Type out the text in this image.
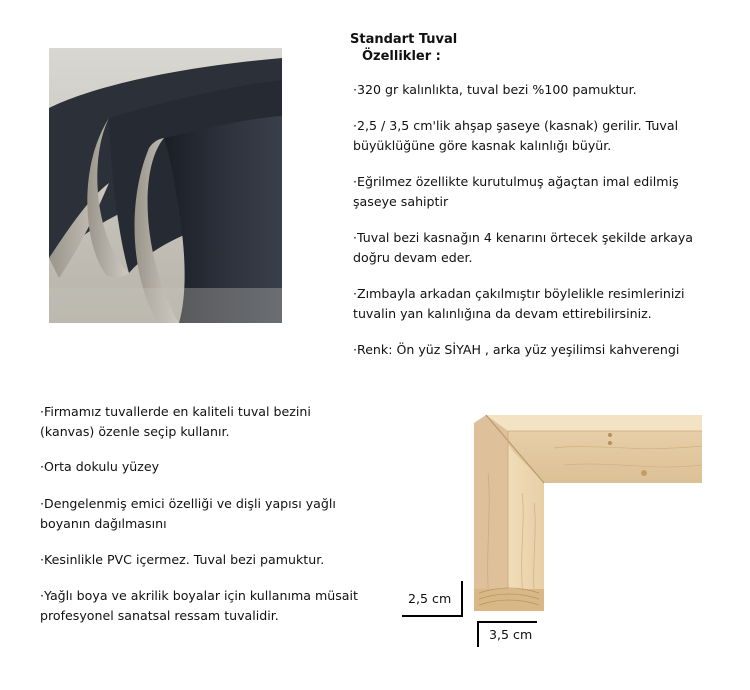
Standart Tuval
Özellikler :
·320 gr kalınlıkta, tuval bezi %100 pamuktur.
·2,5 / 3,5 cm'lik ahşap şaseye (kasnak) gerilir. Tuval büyüklüğüne göre kasnak kalınlığı büyür.
·Eğrilmez özellikte kurutulmuş ağaçtan imal edilmiş şaseye sahiptir
·Tuval bezi kasnağın 4 kenarını örtecek şekilde arkaya doğru devam eder.
·Zımbayla arkadan çakılmıştır böylelikle resimlerinizi tuvalin yan kalınlığına da devam ettirebilirsiniz.
·Renk: Ön yüz SİYAH , arka yüz yeşilimsi kahverengi
·Firmamız tuvallerde en kaliteli tuval bezini (kanvas) özenle seçip kullanır.
·Orta dokulu yüzey
·Dengelenmiş emici özelliği ve dişli yapısı yağlı boyanın dağılmasını
·Kesinlikle PVC içermez. Tuval bezi pamuktur.
·Yağlı boya ve akrilik boyalar için kullanıma müsait profesyonel sanatsal ressam tuvalidir.
2,5 cm
3,5 cm
